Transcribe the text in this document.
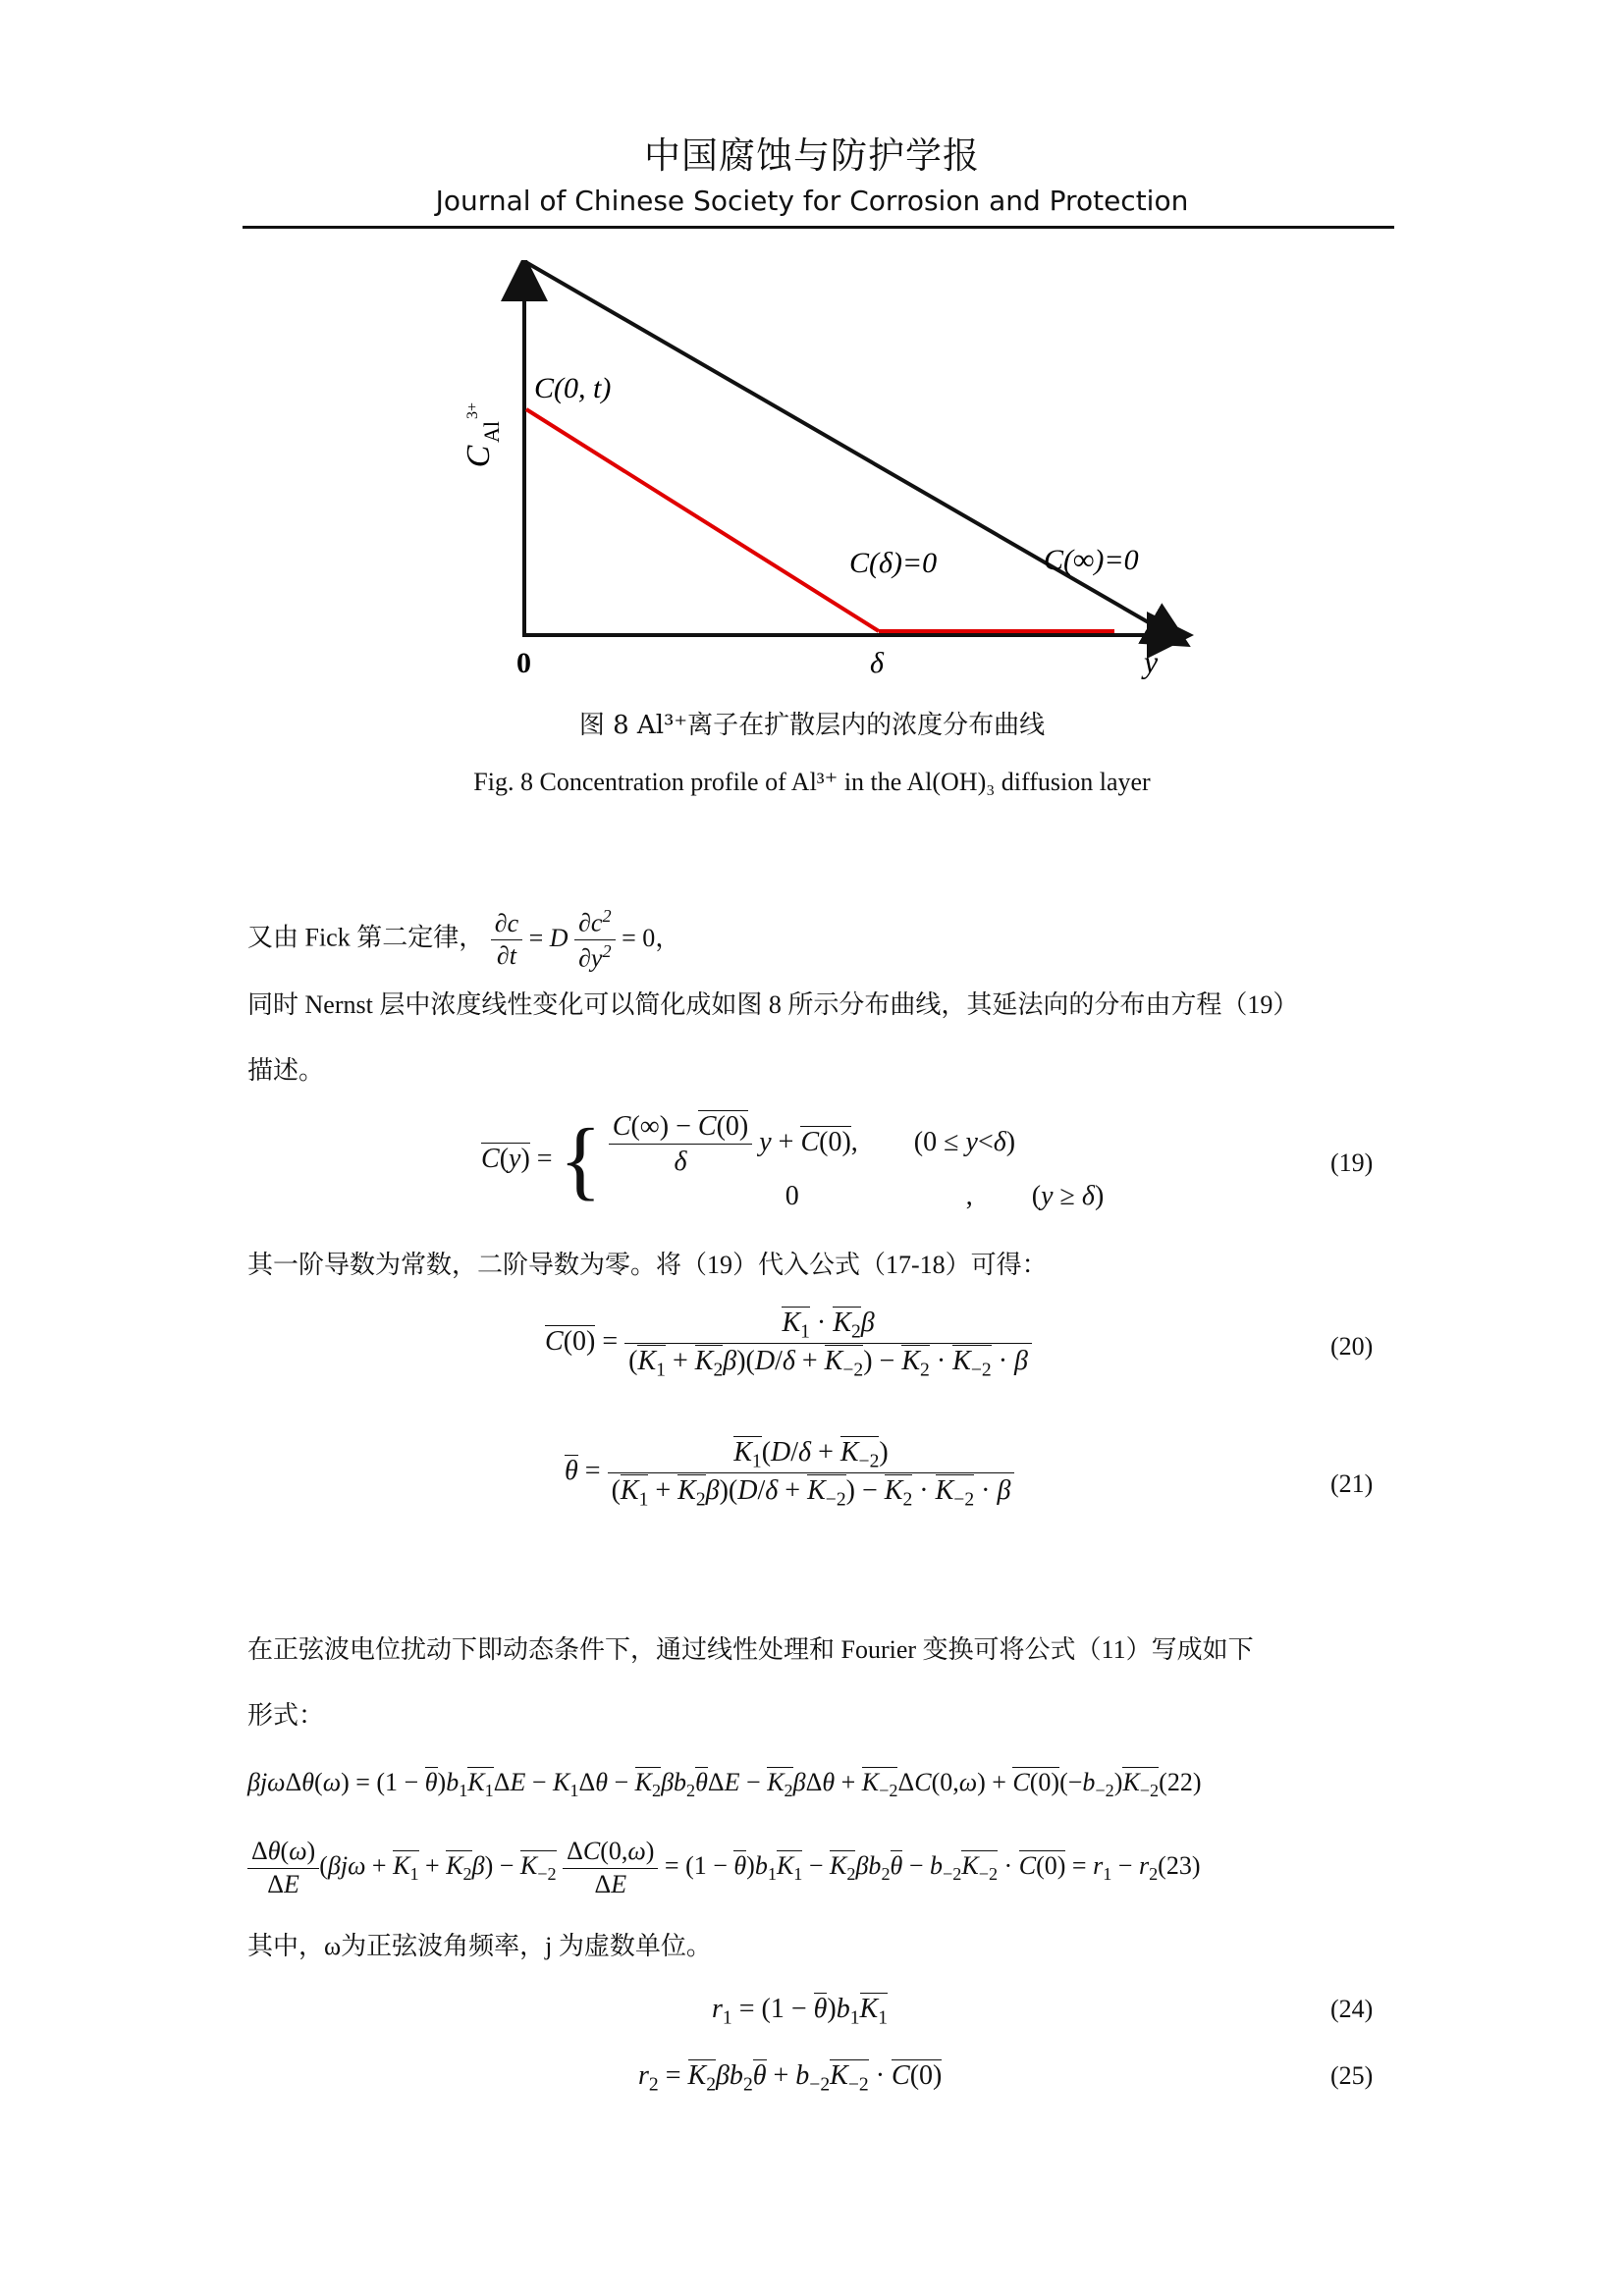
中国腐蚀与防护学报
Journal of Chinese Society for Corrosion and Protection
C
Al
3+
C(0, t)
C(δ)=0	C(∞)=0
0	δ	y
图 8 Al³⁺离子在扩散层内的浓度分布曲线
Fig. 8 Concentration profile of Al³⁺ in the Al(OH)₃ diffusion layer
又由 Fick 第二定律， $\frac{\partial c}{\partial t} = D \frac{\partial c^2}{\partial y^2} = 0$，
同时 Nernst 层中浓度线性变化可以简化成如图 8 所示分布曲线，其延法向的分布由方程（19）
描述。
C(y) = { $\frac{C(\infty) - C(0)}{\delta}$ y + C(0), (0 ≤ y<δ)
0	, (y ≥ δ)
(19)
其一阶导数为常数，二阶导数为零。将（19）代入公式（17-18）可得：
$C(0) = \frac{K_1 \cdot K_2\beta}{(K_1 + K_2\beta)(D/\delta + K_{-2}) - K_2 \cdot K_{-2} \cdot \beta}$	(20)
$\theta = \frac{K_1(D/\delta + K_{-2})}{(K_1 + K_2\beta)(D/\delta + K_{-2}) - K_2 \cdot K_{-2} \cdot \beta}$	(21)
在正弦波电位扰动下即动态条件下，通过线性处理和 Fourier 变换可将公式（11）写成如下
形式：
$\beta j\omega\Delta\theta(\omega) = (1 - \theta)b_1K_1\Delta E - K_1\Delta\theta - K_2\beta b_2\theta\Delta E - K_2\beta\Delta\theta + K_{-2}\Delta C(0,\omega) + C(0)(-b_{-2})K_{-2}(22)$
$\frac{\Delta\theta(\omega)}{\Delta E} (\beta j\omega + K_1 + K_2\beta) - K_{-2} \frac{\Delta C(0,\omega)}{\Delta E} = (1 - \theta)b_1K_1 - K_2\beta b_2\theta - b_{-2}K_{-2} \cdot C(0) = r_1 - r_2(23)$
其中，ω为正弦波角频率，j 为虚数单位。
$r_1 = (1 - \theta)b_1K_1$	(24)
$r_2 = K_2\beta b_2\theta + b_{-2}K_{-2} \cdot C(0)$	(25)
